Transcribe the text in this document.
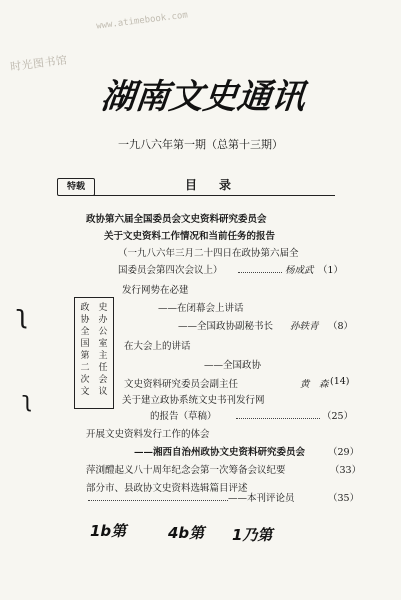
时光图书馆
www.atimebook.com
湖南文史通讯
一九八六年第一期（总第十三期）
特载	目录
政协第六届全国委员会文史资料研究委员会
关于文史资料工作情况和当前任务的报告
（一九八六年三月二十四日在政协第六届全
国委员会第四次会议上）	杨成武 （1）
发行网势在必建
——在闭幕会上讲话
——全国政协副秘书长 孙轶青 （8）
在大会上的讲话
——全国政协
文史资料研究委员会副主任	黄　森 (14)
关于建立政协系统文史书刊发行网
的报告（草稿）	（25）
开展文史资料发行工作的体会
——湘西自治州政协文史资料研究委员会 （29）
萍浏醴起义八十周年纪念会第一次筹备会议纪要	（33）
部分市、县政协文史资料选辑篇目评述
——本刊评论员	（35）
史
办
公
室
主
任
会
议
政
协
全
国
第
二
次
文
ʅ
ʅ
1b第	4b第 1乃第
